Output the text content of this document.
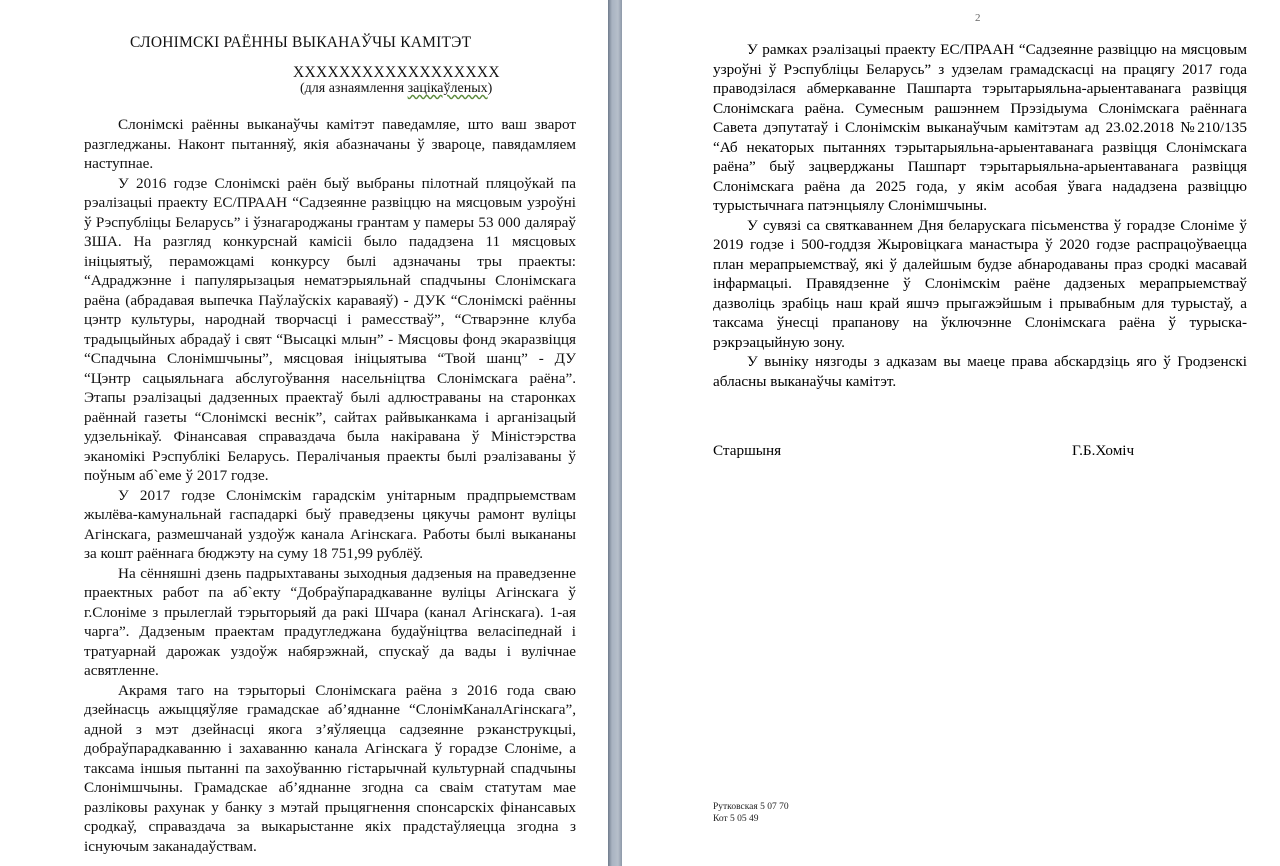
СЛОНІМСКІ РАЁННЫ ВЫКАНАЎЧЫ КАМІТЭТ
XXXXXXXXXXXXXXXXXX
(для азнаямлення зацікаўленых)

Слонімскі раённы выканаўчы камітэт паведамляе, што ваш зварот разгледжаны. Наконт пытанняў, якія абазначаны ў звароце, павядамляем наступнае.

У 2016 годзе Слонімскі раён быў выбраны пілотнай пляцоўкай па рэалізацыі праекту ЕС/ПРААН “Садзеянне развіццю на мясцовым узроўні ў Рэспубліцы Беларусь” і ўзнагароджаны грантам у памеры 53 000 даляраў ЗША. На разгляд конкурснай камісіі было пададзена 11 мясцовых ініцыятыў, пераможцамі конкурсу былі адзначаны тры праекты: “Адраджэнне і папулярызацыя нематэрыяльнай спадчыны Слонімскага раёна (абрадавая выпечка Паўлаўскіх караваяў) - ДУК “Слонімскі раённы цэнтр культуры, народнай творчасці і рамесстваў”, “Стварэнне клуба традыцыйных абрадаў і свят “Высацкі млын” - Мясцовы фонд экаразвіцця “Спадчына Слонімшчыны”, мясцовая ініцыятыва “Твой шанц” - ДУ “Цэнтр сацыяльнага абслугоўвання насельніцтва Слонімскага раёна”. Этапы рэалізацыі дадзенных праектаў былі адлюстраваны на старонках раённай газеты “Слонімскі веснік”, сайтах райвыканкама і арганізацый удзельнікаў. Фінансавая справаздача была накіравана ў Міністэрства эканомікі Рэспублікі Беларусь. Пералічаныя праекты былі рэалізаваны ў поўным аб`еме ў 2017 годзе.

У 2017 годзе Слонімскім гарадскім унітарным прадпрыемствам жылёва-камунальнай гаспадаркі быў праведзены цякучы рамонт вуліцы Агінскага, размешчанай уздоўж канала Агінскага. Работы былі выкананы за кошт раённага бюджэту на суму 18 751,99 рублёў.

На сённяшні дзень падрыхтаваны зыходныя дадзеныя на праведзенне праектных работ па аб`екту “Добраўпарадкаванне вуліцы Агінскага ў г.Слоніме з прылеглай тэрыторыяй да ракі Шчара (канал Агінскага). 1-ая чарга”. Дадзеным праектам прадугледжана будаўніцтва веласіпеднай і тратуарнай дарожак уздоўж набярэжнай, спускаў да вады і вулічнае асвятленне.

Акрамя таго на тэрыторыі Слонімскага раёна з 2016 года сваю дзейнасць ажыццяўляе грамадскае аб’яднанне “СлонімКаналАгінскага”, адной з мэт дзейнасці якога з’яўляецца садзеянне рэканструкцыі, добраўпарадкаванню і захаванню канала Агінскага ў горадзе Слоніме, а таксама іншыя пытанні па захоўванню гістарычнай культурнай спадчыны Слонімшчыны. Грамадскае аб’яднанне згодна са сваім статутам мае разліковы рахунак у банку з мэтай прыцягнення спонсарскіх фінансавых сродкаў, справаздача за выкарыстанне якіх прадстаўляецца згодна з існуючым заканадаўствам.

2

У рамках рэалізацыі праекту ЕС/ПРААН “Садзеянне развіццю на мясцовым узроўні ў Рэспубліцы Беларусь” з удзелам грамадскасці на працягу 2017 года праводзілася абмеркаванне Пашпарта тэрытарыяльна-арыентаванага развіцця Слонімскага раёна. Сумесным рашэннем Прэзідыума Слонімскага раённага Савета дэпутатаў і Слонімскім выканаўчым камітэтам ад 23.02.2018 №210/135 “Аб некаторых пытаннях тэрытарыяльна-арыентаванага развіцця Слонімскага раёна” быў зацверджаны Пашпарт тэрытарыяльна-арыентаванага развіцця Слонімскага раёна да 2025 года, у якім асобая ўвага нададзена развіццю турыстычнага патэнцыялу Слонімшчыны.

У сувязі са святкаваннем Дня беларускага пісьменства ў горадзе Слоніме ў 2019 годзе і 500-годдзя Жыровіцкага манастыра ў 2020 годзе распрацоўваецца план мерапрыемстваў, які ў далейшым будзе абнародаваны праз сродкі масавай інфармацыі. Правядзенне ў Слонімскім раёне дадзеных мерапрыемстваў дазволіць зрабіць наш край яшчэ прыгажэйшым і прывабным для турыстаў, а таксама ўнесці прапанову на ўключэнне Слонімскага раёна ў турыска-рэкрэацыйную зону.

У выніку нязгоды з адказам вы маеце права абскардзіць яго ў Гродзенскі абласны выканаўчы камітэт.

Старшыня	Г.Б.Хоміч
Рутковская 5 07 70
Кот 5 05 49
